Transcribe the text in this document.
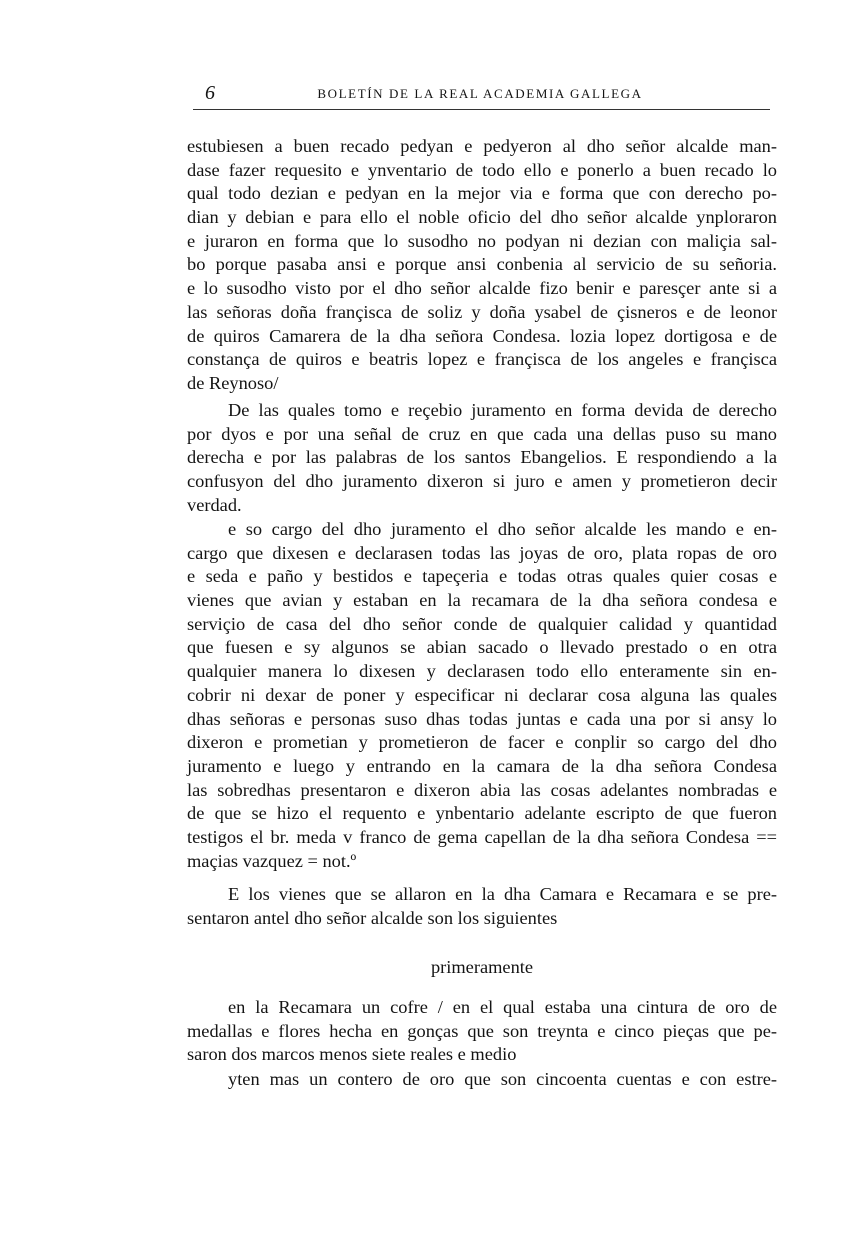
6	BOLETÍN DE LA REAL ACADEMIA GALLEGA
estubiesen a buen recado pedyan e pedyeron al dho señor alcalde man-
dase fazer requesito e ynventario de todo ello e ponerlo a buen recado lo
qual todo dezian e pedyan en la mejor via e forma que con derecho po-
dian y debian e para ello el noble oficio del dho señor alcalde ynploraron
e juraron en forma que lo susodho no podyan ni dezian con maliçia sal-
bo porque pasaba ansi e porque ansi conbenia al servicio de su señoria.
e lo susodho visto por el dho señor alcalde fizo benir e paresçer ante si a
las señoras doña françisca de soliz y doña ysabel de çisneros e de leonor
de quiros Camarera de la dha señora Condesa. lozia lopez dortigosa e de
constança de quiros e beatris lopez e françisca de los angeles e françisca
de Reynoso/
De las quales tomo e reçebio juramento en forma devida de derecho
por dyos e por una señal de cruz en que cada una dellas puso su mano
derecha e por las palabras de los santos Ebangelios. E respondiendo a la
confusyon del dho juramento dixeron si juro e amen y prometieron decir
verdad.
e so cargo del dho juramento el dho señor alcalde les mando e en-
cargo que dixesen e declarasen todas las joyas de oro, plata ropas de oro
e seda e paño y bestidos e tapeçeria e todas otras quales quier cosas e
vienes que avian y estaban en la recamara de la dha señora condesa e
serviçio de casa del dho señor conde de qualquier calidad y quantidad
que fuesen e sy algunos se abian sacado o llevado prestado o en otra
qualquier manera lo dixesen y declarasen todo ello enteramente sin en-
cobrir ni dexar de poner y especificar ni declarar cosa alguna las quales
dhas señoras e personas suso dhas todas juntas e cada una por si ansy lo
dixeron e prometian y prometieron de facer e conplir so cargo del dho
juramento e luego y entrando en la camara de la dha señora Condesa
las sobredhas presentaron e dixeron abia las cosas adelantes nombradas e
de que se hizo el requento e ynbentario adelante escripto de que fueron
testigos el br. meda v franco de gema capellan de la dha señora Condesa ==
maçias vazquez = not.º
E los vienes que se allaron en la dha Camara e Recamara e se pre-
sentaron antel dho señor alcalde son los siguientes
primeramente
en la Recamara un cofre / en el qual estaba una cintura de oro de
medallas e flores hecha en gonças que son treynta e cinco pieças que pe-
saron dos marcos menos siete reales e medio
yten mas un contero de oro que son cincoenta cuentas e con estre-
